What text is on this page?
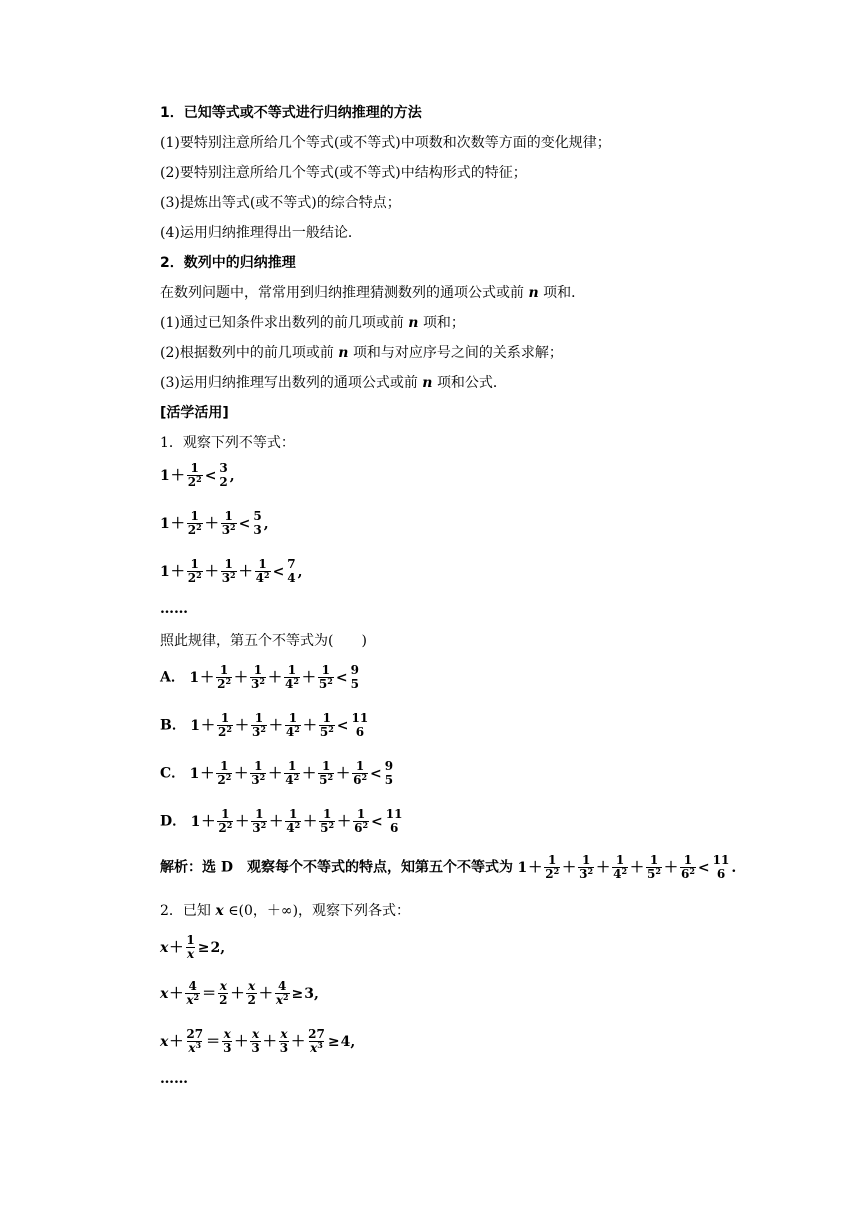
1．已知等式或不等式进行归纳推理的方法
(1)要特别注意所给几个等式(或不等式)中项数和次数等方面的变化规律；
(2)要特别注意所给几个等式(或不等式)中结构形式的特征；
(3)提炼出等式(或不等式)的综合特点；
(4)运用归纳推理得出一般结论．
2．数列中的归纳推理
在数列问题中，常常用到归纳推理猜测数列的通项公式或前 n 项和．
(1)通过已知条件求出数列的前几项或前 n 项和；
(2)根据数列中的前几项或前 n 项和与对应序号之间的关系求解；
(3)运用归纳推理写出数列的通项公式或前 n 项和公式．
[活学活用]
1．观察下列不等式：
$1 + \frac{1}{2^2} < 3$
2 ,
$1 + \frac{1}{2^2} + \frac{1}{3^2} < 5$
3 ,
$1 + \frac{1}{2^2} + \frac{1}{3^2} + \frac{1}{4^2} < 7$
4 ,
……
照此规律，第五个不等式为(　　)
A． $1 + \frac{1}{2^2} + \frac{1}{3^2} + \frac{1}{4^2} + \frac{1}{5^2} < 9$
5
B． $1 + \frac{1}{2^2} + \frac{1}{3^2} + \frac{1}{4^2} + \frac{1}{5^2} < 11$
6
C． $1 + \frac{1}{2^2} + \frac{1}{3^2} + \frac{1}{4^2} + \frac{1}{5^2} + \frac{1}{6^2} < 9$
5
D． $1 + \frac{1}{2^2} + \frac{1}{3^2} + \frac{1}{4^2} + \frac{1}{5^2} + \frac{1}{6^2} < 11$
6
解析：选 D　观察每个不等式的特点，知第五个不等式为 $1 + \frac{1}{2^2} + \frac{1}{3^2} + \frac{1}{4^2} + \frac{1}{5^2} + \frac{1}{6^2} < 11$
6 .
2．已知 x ∈(0，＋∞)，观察下列各式：
$x + \frac{1}{x} \ge 2$ ,
$x + \frac{4}{x^2} = \frac{x}{2} + \frac{x}{2} + \frac{4}{x^2} \ge 3$ ,
$x + \frac{27}{x^3} = \frac{x}{3} + \frac{x}{3} + \frac{x}{3} + \frac{27}{x^3} \ge 4$ ,
……
